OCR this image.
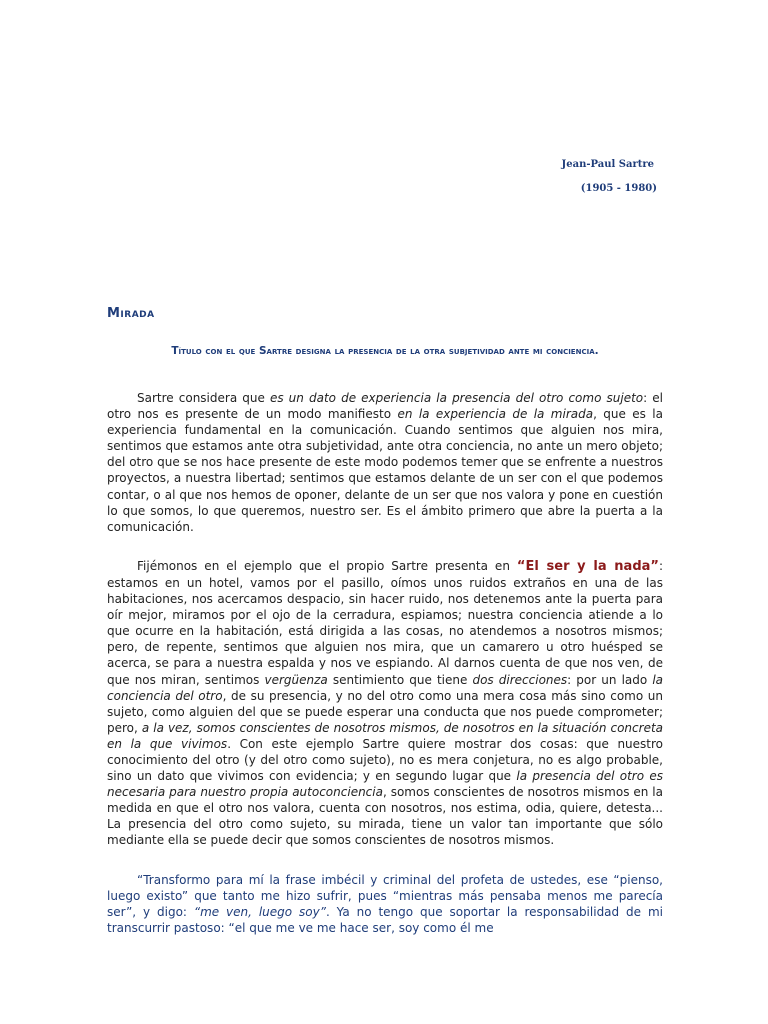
Jean-Paul Sartre
(1905 - 1980)
Mirada
Título con el que Sartre designa la presencia de la otra subjetividad ante mi conciencia.

Sartre considera que es un dato de experiencia la presencia del otro como sujeto: el otro nos es presente de un modo manifiesto en la experiencia de la mirada, que es la experiencia fundamental en la comunicación. Cuando sentimos que alguien nos mira, sentimos que estamos ante otra subjetividad, ante otra conciencia, no ante un mero objeto; del otro que se nos hace presente de este modo podemos temer que se enfrente a nuestros proyectos, a nuestra libertad; sentimos que estamos delante de un ser con el que podemos contar, o al que nos hemos de oponer, delante de un ser que nos valora y pone en cuestión lo que somos, lo que queremos, nuestro ser. Es el ámbito primero que abre la puerta a la comunicación.

Fijémonos en el ejemplo que el propio Sartre presenta en “El ser y la nada”: estamos en un hotel, vamos por el pasillo, oímos unos ruidos extraños en una de las habitaciones, nos acercamos despacio, sin hacer ruido, nos detenemos ante la puerta para oír mejor, miramos por el ojo de la cerradura, espiamos; nuestra conciencia atiende a lo que ocurre en la habitación, está dirigida a las cosas, no atendemos a nosotros mismos; pero, de repente, sentimos que alguien nos mira, que un camarero u otro huésped se acerca, se para a nuestra espalda y nos ve espiando. Al darnos cuenta de que nos ven, de que nos miran, sentimos vergüenza sentimiento que tiene dos direcciones: por un lado la conciencia del otro, de su presencia, y no del otro como una mera cosa más sino como un sujeto, como alguien del que se puede esperar una conducta que nos puede comprometer; pero, a la vez, somos conscientes de nosotros mismos, de nosotros en la situación concreta en la que vivimos. Con este ejemplo Sartre quiere mostrar dos cosas: que nuestro conocimiento del otro (y del otro como sujeto), no es mera conjetura, no es algo probable, sino un dato que vivimos con evidencia; y en segundo lugar que la presencia del otro es necesaria para nuestro propia autoconciencia, somos conscientes de nosotros mismos en la medida en que el otro nos valora, cuenta con nosotros, nos estima, odia, quiere, detesta... La presencia del otro como sujeto, su mirada, tiene un valor tan importante que sólo mediante ella se puede decir que somos conscientes de nosotros mismos.

“Transformo para mí la frase imbécil y criminal del profeta de ustedes, ese “pienso, luego existo” que tanto me hizo sufrir, pues “mientras más pensaba menos me parecía ser”, y digo: “me ven, luego soy”. Ya no tengo que soportar la responsabilidad de mi transcurrir pastoso: “el que me ve me hace ser, soy como él me
